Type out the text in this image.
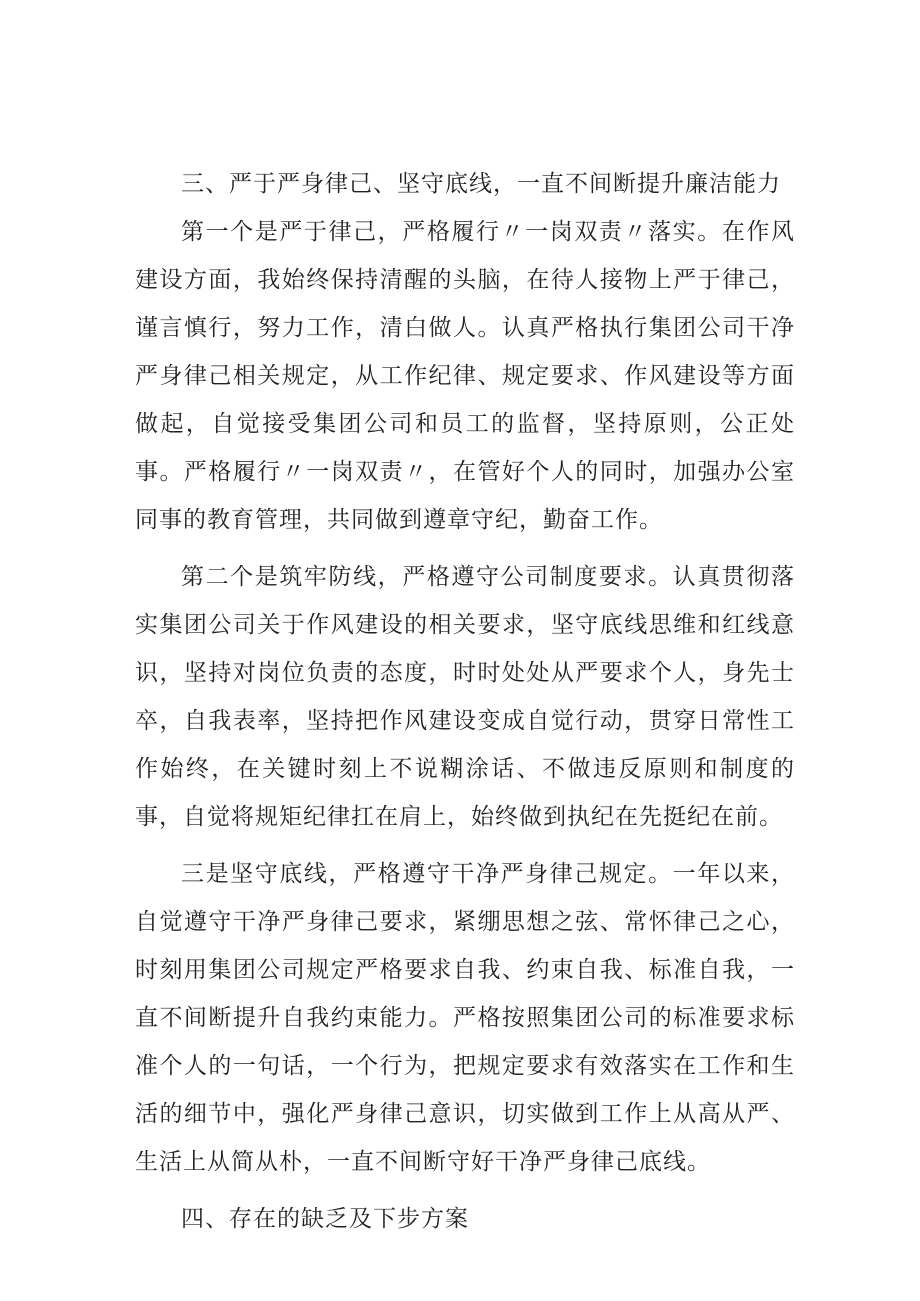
三、严于严身律己、坚守底线，一直不间断提升廉洁能力

第一个是严于律己，严格履行〃一岗双责〃落实。在作风建设方面，我始终保持清醒的头脑，在待人接物上严于律己，谨言慎行，努力工作，清白做人。认真严格执行集团公司干净严身律己相关规定，从工作纪律、规定要求、作风建设等方面做起，自觉接受集团公司和员工的监督，坚持原则，公正处事。严格履行〃一岗双责〃，在管好个人的同时，加强办公室同事的教育管理，共同做到遵章守纪，勤奋工作。

第二个是筑牢防线，严格遵守公司制度要求。认真贯彻落实集团公司关于作风建设的相关要求，坚守底线思维和红线意识，坚持对岗位负责的态度，时时处处从严要求个人，身先士卒，自我表率，坚持把作风建设变成自觉行动，贯穿日常性工作始终，在关键时刻上不说糊涂话、不做违反原则和制度的事，自觉将规矩纪律扛在肩上，始终做到执纪在先挺纪在前。

三是坚守底线，严格遵守干净严身律己规定。一年以来，自觉遵守干净严身律己要求，紧绷思想之弦、常怀律己之心，时刻用集团公司规定严格要求自我、约束自我、标准自我，一直不间断提升自我约束能力。严格按照集团公司的标准要求标准个人的一句话，一个行为，把规定要求有效落实在工作和生活的细节中，强化严身律己意识，切实做到工作上从高从严、生活上从简从朴，一直不间断守好干净严身律己底线。

四、存在的缺乏及下步方案
